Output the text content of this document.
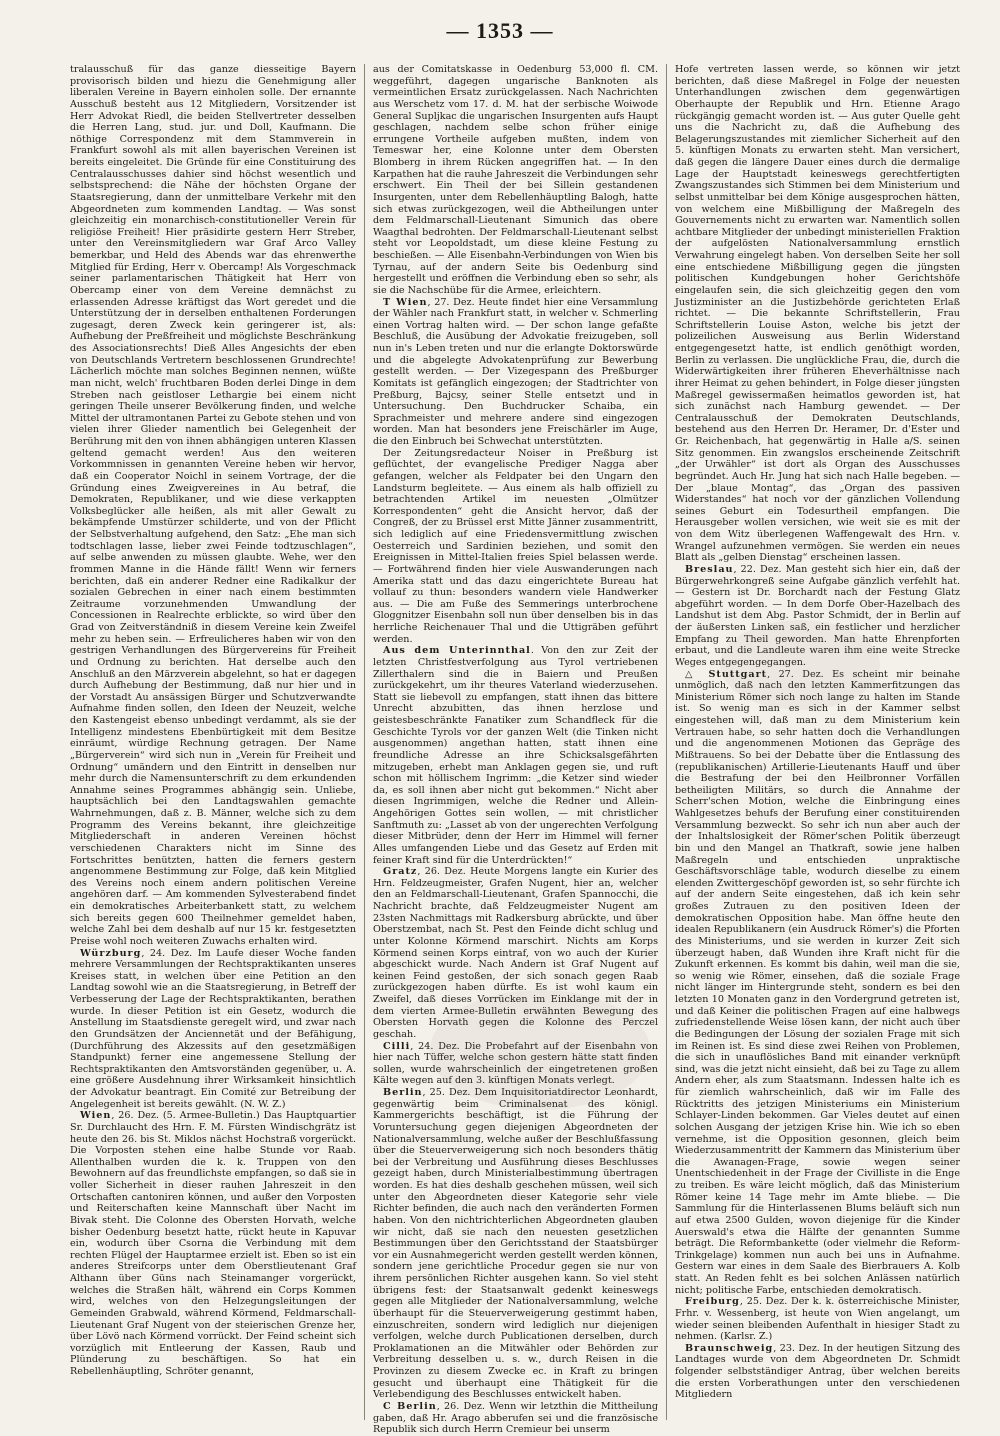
— 1353 —

tralausschuß für das ganze diesseitige Bayern provisorisch bilden und hiezu die Genehmigung aller liberalen Vereine in Bayern einholen solle. Der ernannte Ausschuß besteht aus 12 Mitgliedern, Vorsitzender ist Herr Advokat Riedl, die beiden Stellvertreter desselben die Herren Lang, stud. jur. und Doll, Kaufmann. Die nöthige Correspondenz mit dem Stammverein in Frankfurt sowohl als mit allen bayerischen Vereinen ist bereits eingeleitet. Die Gründe für eine Constituirung des Centralausschusses dahier sind höchst wesentlich und selbstsprechend: die Nähe der höchsten Organe der Staatsregierung, dann der unmittelbare Verkehr mit den Abgeordneten zum kommenden Landtag. — Was sonst gleichzeitig ein monarchisch-constitutioneller Verein für religiöse Freiheit! Hier präsidirte gestern Herr Streber, unter den Vereinsmitgliedern war Graf Arco Valley bemerkbar, und Held des Abends war das ehrenwerthe Mitglied für Erding, Herr v. Obercamp! Als Vorgeschmack seiner parlamentarischen Thätigkeit hat Herr von Obercamp einer von dem Vereine demnächst zu erlassenden Adresse kräftigst das Wort geredet und die Unterstützung der in derselben enthaltenen Forderungen zugesagt, deren Zweck kein geringerer ist, als: Aufhebung der Preßfreiheit und möglichste Beschränkung des Associationsrechts! Dieß Alles Angesichts der eben von Deutschlands Vertretern beschlossenen Grundrechte! Lächerlich möchte man solches Beginnen nennen, wüßte man nicht, welch' fruchtbaren Boden derlei Dinge in dem Streben nach geistloser Lethargie bei einem nicht geringen Theile unserer Bevölkerung finden, und welche Mittel der ultramontanen Partei zu Gebote stehen und von vielen ihrer Glieder namentlich bei Gelegenheit der Berührung mit den von ihnen abhängigen unteren Klassen geltend gemacht werden! Aus den weiteren Vorkommnissen in genannten Vereine heben wir hervor, daß ein Cooperator Noichl in seinem Vortrage, der die Gründung eines Zweigvereines in Au betraf, die Demokraten, Republikaner, und wie diese verkappten Volksbeglücker alle heißen, als mit aller Gewalt zu bekämpfende Umstürzer schilderte, und von der Pflicht der Selbstverhaltung aufgehend, den Satz: „Ehe man sich todtschlagen lasse, lieber zwei Feinde todtzuschlagen“, auf selbe anwenden zu müssen glaubte. Wehe, wer den frommen Manne in die Hände fällt! Wenn wir ferners berichten, daß ein anderer Redner eine Radikalkur der sozialen Gebrechen in einer nach einem bestimmten Zeitraume vorzunehmenden Umwandlung der Concessionen in Realrechte erblickte, so wird über den Grad von Zeitverständniß in diesem Vereine kein Zweifel mehr zu heben sein. — Erfreulicheres haben wir von den gestrigen Verhandlungen des Bürgervereins für Freiheit und Ordnung zu berichten. Hat derselbe auch den Anschluß an den Märzverein abgelehnt, so hat er dagegen durch Aufhebung der Bestimmung, daß nur hier und in der Vorstadt Au ansässigen Bürger und Schutzverwandte Aufnahme finden sollen, den Ideen der Neuzeit, welche den Kastengeist ebenso unbedingt verdammt, als sie der Intelligenz mindestens Ebenbürtigkeit mit dem Besitze einräumt, würdige Rechnung getragen. Der Name „Bürgerverein“ wird sich nun in „Verein für Freiheit und Ordnung“ umändern und den Eintritt in denselben nur mehr durch die Namensunterschrift zu dem erkundenden Annahme seines Programmes abhängig sein. Unliebe, hauptsächlich bei den Landtagswahlen gemachte Wahrnehmungen, daß z. B. Männer, welche sich zu dem Programm des Vereins bekannt, ihre gleichzeitige Mitgliederschaft in anderen Vereinen höchst verschiedenen Charakters nicht im Sinne des Fortschrittes benützten, hatten die ferners gestern angenommene Bestimmung zur Folge, daß kein Mitglied des Vereins noch einem andern politischen Vereine angehören darf. — Am kommenden Sylvesterabend findet ein demokratisches Arbeiterbankett statt, zu welchem sich bereits gegen 600 Theilnehmer gemeldet haben, welche Zahl bei dem deshalb auf nur 15 kr. festgesetzten Preise wohl noch weiteren Zuwachs erhalten wird.

Würzburg, 24. Dez. Im Laufe dieser Woche fanden mehrere Versammlungen der Rechtspraktikanten unseres Kreises statt, in welchen über eine Petition an den Landtag sowohl wie an die Staatsregierung, in Betreff der Verbesserung der Lage der Rechtspraktikanten, berathen wurde. In dieser Petition ist ein Gesetz, wodurch die Anstellung im Staatsdienste geregelt wird, und zwar nach den Grundsätzen der Anciennetät und der Befähigung, (Durchführung des Akzessits auf den gesetzmäßigen Standpunkt) ferner eine angemessene Stellung der Rechtspraktikanten den Amtsvorständen gegenüber, u. A. eine größere Ausdehnung ihrer Wirksamkeit hinsichtlich der Advokatur beantragt. Ein Comité zur Betreibung der Angelegenheit ist bereits gewählt. (N. W. Z.)

Wien, 26. Dez. (5. Armee-Bulletin.) Das Hauptquartier Sr. Durchlaucht des Hrn. F. M. Fürsten Windischgrätz ist heute den 26. bis St. Miklos nächst Hochstraß vorgerückt. Die Vorposten stehen eine halbe Stunde vor Raab. Allenthalben wurden die k. k. Truppen von den Bewohnern auf das freundlichste empfangen, so daß sie in voller Sicherheit in dieser rauhen Jahreszeit in den Ortschaften cantoniren können, und außer den Vorposten und Reiterschaften keine Mannschaft über Nacht im Bivak steht. Die Colonne des Obersten Horvath, welche bisher Oedenburg besetzt hatte, rückt heute in Kapuvar ein, wodurch über Csorna die Verbindung mit dem rechten Flügel der Hauptarmee erzielt ist. Eben so ist ein anderes Streifcorps unter dem Oberstlieutenant Graf Althann über Güns nach Steinamanger vorgerückt, welches die Straßen hält, während ein Corps Kommen wird, welches von den Helzegungsleitungen der Gemeinden Grabwald, während Körmend, Feldmarschall-Lieutenant Graf Nugent von der steierischen Grenze her, über Lövö nach Körmend vorrückt. Der Feind scheint sich vorzüglich mit Entleerung der Kassen, Raub und Plünderung zu beschäftigen. So hat ein Rebellenhäuptling, Schröter genannt,

aus der Comitatskasse in Oedenburg 53,000 fl. CM. weggeführt, dagegen ungarische Banknoten als vermeintlichen Ersatz zurückgelassen. Nach Nachrichten aus Werschetz vom 17. d. M. hat der serbische Woiwode General Supljkac die ungarischen Insurgenten aufs Haupt geschlagen, nachdem selbe schon früher einige errungene Vortheile aufgeben mußten, indem von Temeswar her, eine Kolonne unter dem Obersten Blomberg in ihrem Rücken angegriffen hat. — In den Karpathen hat die rauhe Jahreszeit die Verbindungen sehr erschwert. Ein Theil der bei Sillein gestandenen Insurgenten, unter dem Rebellenhäuptling Balogh, hatte sich etwas zurückgezogen, weil die Abtheilungen unter dem Feldmarschall-Lieutenant Simunich das obere Waagthal bedrohten. Der Feldmarschall-Lieutenant selbst steht vor Leopoldstadt, um diese kleine Festung zu beschießen. — Alle Eisenbahn-Verbindungen von Wien bis Tyrnau, auf der andern Seite bis Oedenburg sind hergestellt und eröffnen die Verbindung eben so sehr, als sie die Nachschübe für die Armee, erleichtern.

T Wien, 27. Dez. Heute findet hier eine Versammlung der Wähler nach Frankfurt statt, in welcher v. Schmerling einen Vortrag halten wird. — Der schon lange gefaßte Beschluß, die Ausübung der Advokatie freizugeben, soll nun in's Leben treten und nur die erlangte Doktorswürde und die abgelegte Advokatenprüfung zur Bewerbung gestellt werden. — Der Vizegespann des Preßburger Komitats ist gefänglich eingezogen; der Stadtrichter von Preßburg, Bajcsy, seiner Stelle entsetzt und in Untersuchung. Den Buchdrucker Schaiba, ein Sprachmeister und mehrere andere sind eingezogen worden. Man hat besonders jene Freischärler im Auge, die den Einbruch bei Schwechat unterstützten.

Der Zeitungsredacteur Noiser in Preßburg ist geflüchtet, der evangelische Prediger Nagga aber gefangen, welcher als Feldpater bei den Ungarn den Landsturm begleitete. — Aus einem als halb offiziell zu betrachtenden Artikel im neuesten „Olmützer Korrespondenten“ geht die Ansicht hervor, daß der Congreß, der zu Brüssel erst Mitte Jänner zusammentritt, sich lediglich auf eine Friedensvermittlung zwischen Oesterreich und Sardinien beziehen, und somit den Ereignissen in Mittel-Italien freies Spiel belassen werde. — Fortwährend finden hier viele Auswanderungen nach Amerika statt und das dazu eingerichtete Bureau hat vollauf zu thun: besonders wandern viele Handwerker aus. — Die am Fuße des Semmerings unterbrochene Gloggnitzer Eisenbahn soll nun über denselben bis in das herrliche Reichenauer Thal und die Uttigräben geführt werden.

Aus dem Unterinnthal. Von den zur Zeit der letzten Christfestverfolgung aus Tyrol vertriebenen Zillerthalern sind die in Baiern und Preußen zurückgekehrt, um ihr theures Vaterland wiederzusehen. Statt sie liebevoll zu empfangen, statt ihnen das bittere Unrecht abzubitten, das ihnen herzlose und geistesbeschränkte Fanatiker zum Schandfleck für die Geschichte Tyrols vor der ganzen Welt (die Tinken nicht ausgenommen) angethan hatten, statt ihnen eine freundliche Adresse an ihre Schicksalsgefährten mitzugeben, erhebt man Anklagen gegen sie, und ruft schon mit höllischem Ingrimm: „die Ketzer sind wieder da, es soll ihnen aber nicht gut bekommen.“ Nicht aber diesen Ingrimmigen, welche die Redner und Allein-Angehörigen Gottes sein wollen, — mit christlicher Sanftmuth zu: „Lasset ab von der ungerechten Verfolgung dieser Mitbrüder, denn der Herr im Himmel will ferner Alles umfangenden Liebe und das Gesetz auf Erden mit feiner Kraft sind für die Unterdrückten!“

Gratz, 26. Dez. Heute Morgens langte ein Kurier des Hrn. Feldzeugmeister, Grafen Nugent, hier an, welcher den an Feldmarschall-Lieutenant, Grafen Spannocchi, die Nachricht brachte, daß Feldzeugmeister Nugent am 23sten Nachmittags mit Radkersburg abrückte, und über Oberstzembat, nach St. Pest den Feinde dicht schlug und unter Kolonne Körmend marschirt. Nichts am Korps Körmend seinen Korps eintraf, von wo auch der Kurier abgeschickt wurde. Nach Andern ist Graf Nugent auf keinen Feind gestoßen, der sich sonach gegen Raab zurückgezogen haben dürfte. Es ist wohl kaum ein Zweifel, daß dieses Vorrücken im Einklange mit der in dem vierten Armee-Bulletin erwähnten Bewegung des Obersten Horvath gegen die Kolonne des Perczel geschah.

Cilli, 24. Dez. Die Probefahrt auf der Eisenbahn von hier nach Tüffer, welche schon gestern hätte statt finden sollen, wurde wahrscheinlich der eingetretenen großen Kälte wegen auf den 3. künftigen Monats verlegt.

Berlin, 25. Dez. Dem Inquisitoriatdirector Leonhardt, gegenwärtig beim Criminalsenat des königl. Kammergerichts beschäftigt, ist die Führung der Voruntersuchung gegen diejenigen Abgeordneten der Nationalversammlung, welche außer der Beschlußfassung über die Steuerverweigerung sich noch besonders thätig bei der Verbreitung und Ausführung dieses Beschlusses gezeigt haben, durch Ministerialbestimmung übertragen worden. Es hat dies deshalb geschehen müssen, weil sich unter den Abgeordneten dieser Kategorie sehr viele Richter befinden, die auch nach den veränderten Formen haben. Von den nichtrichterlichen Abgeordneten glauben wir nicht, daß sie nach den neuesten gesetzlichen Bestimmungen über den Gerichtsstand der Staatsbürger vor ein Ausnahmegericht werden gestellt werden können, sondern jene gerichtliche Procedur gegen sie nur von ihrem persönlichen Richter ausgehen kann. So viel steht übrigens fest: der Staatsanwalt gedenkt keineswegs gegen alle Mitglieder der Nationalversammlung, welche überhaupt für die Steuerverweigerung gestimmt haben, einzuschreiten, sondern wird lediglich nur diejenigen verfolgen, welche durch Publicationen derselben, durch Proklamationen an die Mitwähler oder Behörden zur Verbreitung desselben u. s. w., durch Reisen in die Provinzen zu diesem Zwecke ec. in Kraft zu bringen gesucht und überhaupt eine Thätigkeit für die Verlebendigung des Beschlusses entwickelt haben.

C Berlin, 26. Dez. Wenn wir letzthin die Mittheilung gaben, daß Hr. Arago abberufen sei und die französische Republik sich durch Herrn Cremieur bei unserm

Hofe vertreten lassen werde, so können wir jetzt berichten, daß diese Maßregel in Folge der neuesten Unterhandlungen zwischen dem gegenwärtigen Oberhaupte der Republik und Hrn. Etienne Arago rückgängig gemacht worden ist. — Aus guter Quelle geht uns die Nachricht zu, daß die Aufhebung des Belagerungszustandes mit ziemlicher Sicherheit auf den 5. künftigen Monats zu erwarten steht. Man versichert, daß gegen die längere Dauer eines durch die dermalige Lage der Hauptstadt keineswegs gerechtfertigten Zwangszustandes sich Stimmen bei dem Ministerium und selbst unmittelbar bei dem Könige ausgesprochen hätten, von welchem eine Mißbilligung der Maßregeln des Gouvernements nicht zu erwarten war. Namentlich sollen achtbare Mitglieder der unbedingt ministeriellen Fraktion der aufgelösten Nationalversammlung ernstlich Verwahrung eingelegt haben. Von derselben Seite her soll eine entschiedene Mißbilligung gegen die jüngsten politischen Kundgebungen hoher Gerichtshöfe eingelaufen sein, die sich gleichzeitig gegen den vom Justizminister an die Justizbehörde gerichteten Erlaß richtet. — Die bekannte Schriftstellerin, Frau Schriftstellerin Louise Aston, welche bis jetzt der polizeilichen Ausweisung aus Berlin Widerstand entgegengesetzt hatte, ist endlich genöthigt worden, Berlin zu verlassen. Die unglückliche Frau, die, durch die Widerwärtigkeiten ihrer früheren Eheverhältnisse nach ihrer Heimat zu gehen behindert, in Folge dieser jüngsten Maßregel gewissermaßen heimatlos geworden ist, hat sich zunächst nach Hamburg gewendet. — Der Centralausschuß der Demokraten Deutschlands, bestehend aus den Herren Dr. Heramer, Dr. d'Ester und Gr. Reichenbach, hat gegenwärtig in Halle a/S. seinen Sitz genommen. Ein zwangslos erscheinende Zeitschrift „der Urwähler“ ist dort als Organ des Ausschusses begründet. Auch Hr. Jung hat sich nach Halle begeben. — Der „blaue Montag“, das „Organ des passiven Widerstandes“ hat noch vor der gänzlichen Vollendung seines Geburt ein Todesurtheil empfangen. Die Herausgeber wollen versichen, wie weit sie es mit der von dem Witz überlegenen Waffengewalt des Hrn. v. Wrangel aufzunehmen vermögen. Sie werden ein neues Blatt als „gelben Dienstag“ erscheinen lassen.

Breslau, 22. Dez. Man gesteht sich hier ein, daß der Bürgerwehrkongreß seine Aufgabe gänzlich verfehlt hat. — Gestern ist Dr. Borchardt nach der Festung Glatz abgeführt worden. — In dem Dorfe Ober-Hazelbach des Landshut ist dem Abg. Pastor Schmidt, der in Berlin auf der äußersten Linken saß, ein festlicher und herzlicher Empfang zu Theil geworden. Man hatte Ehrenpforten erbaut, und die Landleute waren ihm eine weite Strecke Weges entgegengegangen.

△ Stuttgart, 27. Dez. Es scheint mir beinahe unmöglich, daß nach den letzten Kammerfitzungen das Ministerium Römer sich noch lange zu halten im Stande ist. So wenig man es sich in der Kammer selbst eingestehen will, daß man zu dem Ministerium kein Vertrauen habe, so sehr hatten doch die Verhandlungen und die angenommenen Motionen das Gepräge des Mißtrauens. So bei der Debatte über die Entlassung des (republikanischen) Artillerie-Lieutenants Hauff und über die Bestrafung der bei den Heilbronner Vorfällen betheiligten Militärs, so durch die Annahme der Scherr'schen Motion, welche die Einbringung eines Wahlgesetzes behufs der Berufung einer constituirenden Versammlung bezweckt. So sehr ich nun aber auch der der Inhaltslosigkeit der Römer'schen Politik überzeugt bin und den Mangel an Thatkraft, sowie jene halben Maßregeln und entschieden unpraktische Geschäftsvorschläge table, wodurch dieselbe zu einem elenden Zwittergeschöpf geworden ist, so sehr fürchte ich auf der andern Seite eingestehen, daß ich kein sehr großes Zutrauen zu den positiven Ideen der demokratischen Opposition habe. Man öffne heute den idealen Republikanern (ein Ausdruck Römer's) die Pforten des Ministeriums, und sie werden in kurzer Zeit sich überzeugt haben, daß Wunden ihre Kraft nicht für die Zukunft erkennen. Es kommt bis dahin, weil man die sie, so wenig wie Römer, einsehen, daß die soziale Frage nicht länger im Hintergrunde steht, sondern es bei den letzten 10 Monaten ganz in den Vordergrund getreten ist, und daß Keiner die politischen Fragen auf eine halbwegs zufriedenstellende Weise lösen kann, der nicht auch über die Bedingungen der Lösung der sozialen Frage mit sich im Reinen ist. Es sind diese zwei Reihen von Problemen, die sich in unauflösliches Band mit einander verknüpft sind, was die jetzt nicht einsieht, daß bei zu Tage zu allem Andern eher, als zum Staatsmann. Indessen halte ich es für ziemlich wahrscheinlich, daß wir im Falle des Rücktritts des jetzigen Ministeriums ein Ministerium Schlayer-Linden bekommen. Gar Vieles deutet auf einen solchen Ausgang der jetzigen Krise hin. Wie ich so eben vernehme, ist die Opposition gesonnen, gleich beim Wiederzusammentritt der Kammern das Ministerium über die Awanagen-Frage, sowie wegen seiner Unentschiedenheit in der Frage der Civilliste in die Enge zu treiben. Es wäre leicht möglich, daß das Ministerium Römer keine 14 Tage mehr im Amte bliebe. — Die Sammlung für die Hinterlassenen Blums beläuft sich nun auf etwa 2500 Gulden, wovon diejenige für die Kinder Auerswald's etwa die Hälfte der genannten Summe beträgt. Die Reformbankette (oder vielmehr die Reform-Trinkgelage) kommen nun auch bei uns in Aufnahme. Gestern war eines in dem Saale des Bierbrauers A. Kolb statt. An Reden fehlt es bei solchen Anlässen natürlich nicht; politische Farbe, entschieden demokratisch.

Freiburg, 25. Dez. Der k. k. österreichische Minister, Frhr. v. Wessenberg, ist heute von Wien angelangt, um wieder seinen bleibenden Aufenthalt in hiesiger Stadt zu nehmen. (Karlsr. Z.)

Braunschweig, 23. Dez. In der heutigen Sitzung des Landtages wurde von dem Abgeordneten Dr. Schmidt folgender selbstständiger Antrag, über welchen bereits die ersten Vorberathungen unter den verschiedenen Mitgliedern
